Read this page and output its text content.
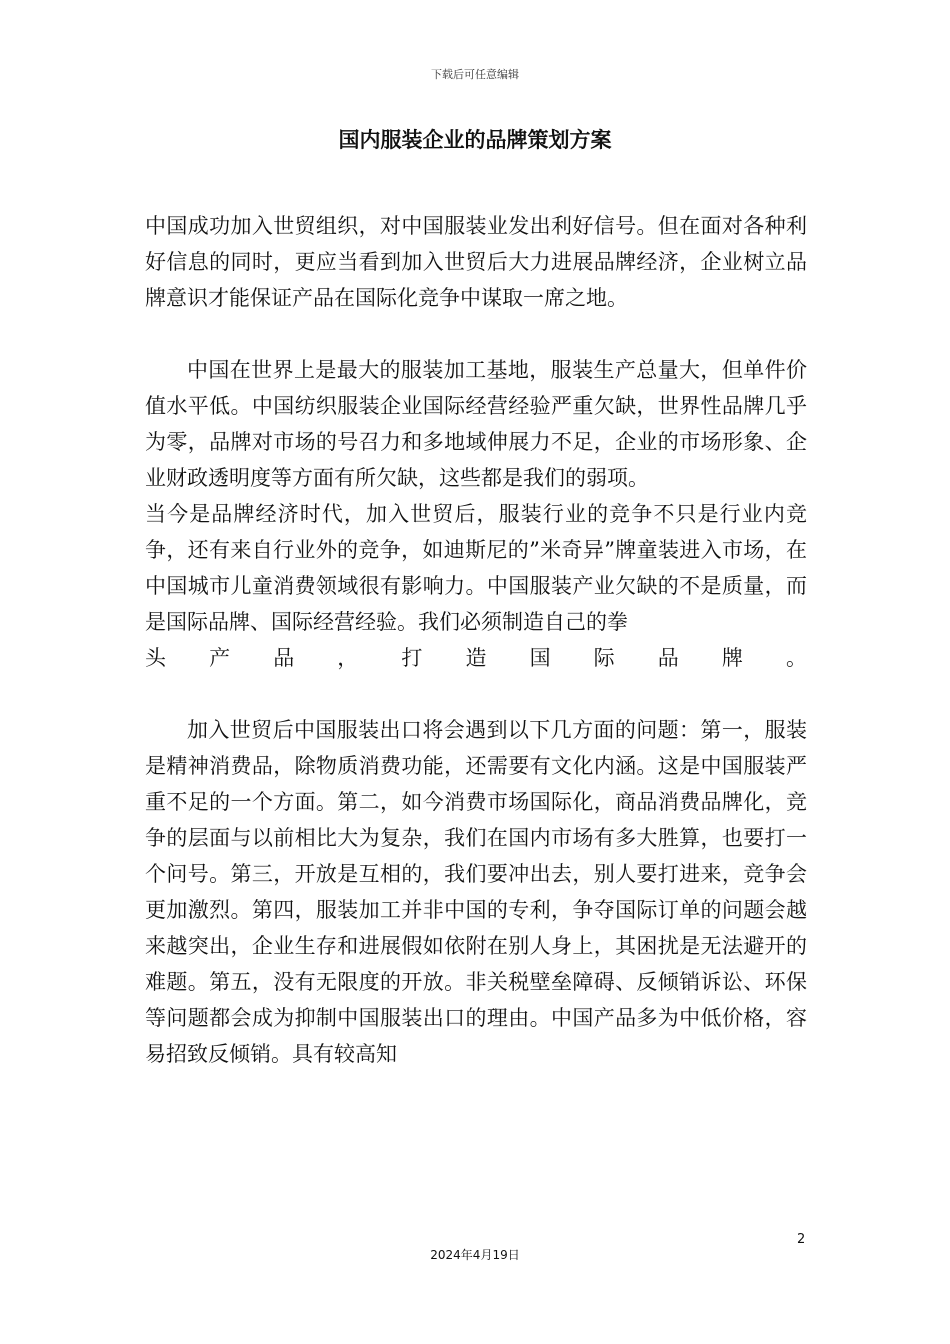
下载后可任意编辑
国内服装企业的品牌策划方案

中国成功加入世贸组织，对中国服装业发出利好信号。但在面对各种利好信息的同时，更应当看到加入世贸后大力进展品牌经济，企业树立品牌意识才能保证产品在国际化竞争中谋取一席之地。

中国在世界上是最大的服装加工基地，服装生产总量大，但单件价值水平低。中国纺织服装企业国际经营经验严重欠缺，世界性品牌几乎为零，品牌对市场的号召力和多地域伸展力不足，企业的市场形象、企业财政透明度等方面有所欠缺，这些都是我们的弱项。

当今是品牌经济时代，加入世贸后，服装行业的竞争不只是行业内竞争，还有来自行业外的竞争，如迪斯尼的”米奇异”牌童装进入市场，在中国城市儿童消费领域很有影响力。中国服装产业欠缺的不是质量，而是国际品牌、国际经营经验。我们必须制造自己的拳

头 产 品 ， 打 造 国 际 品 牌 。

加入世贸后中国服装出口将会遇到以下几方面的问题：第一，服装是精神消费品，除物质消费功能，还需要有文化内涵。这是中国服装严重不足的一个方面。第二，如今消费市场国际化，商品消费品牌化，竞争的层面与以前相比大为复杂，我们在国内市场有多大胜算，也要打一个问号。第三，开放是互相的，我们要冲出去，别人要打进来，竞争会更加激烈。第四，服装加工并非中国的专利，争夺国际订单的问题会越来越突出，企业生存和进展假如依附在别人身上，其困扰是无法避开的难题。第五，没有无限度的开放。非关税壁垒障碍、反倾销诉讼、环保等问题都会成为抑制中国服装出口的理由。中国产品多为中低价格，容易招致反倾销。具有较高知

2
2024年4月19日
